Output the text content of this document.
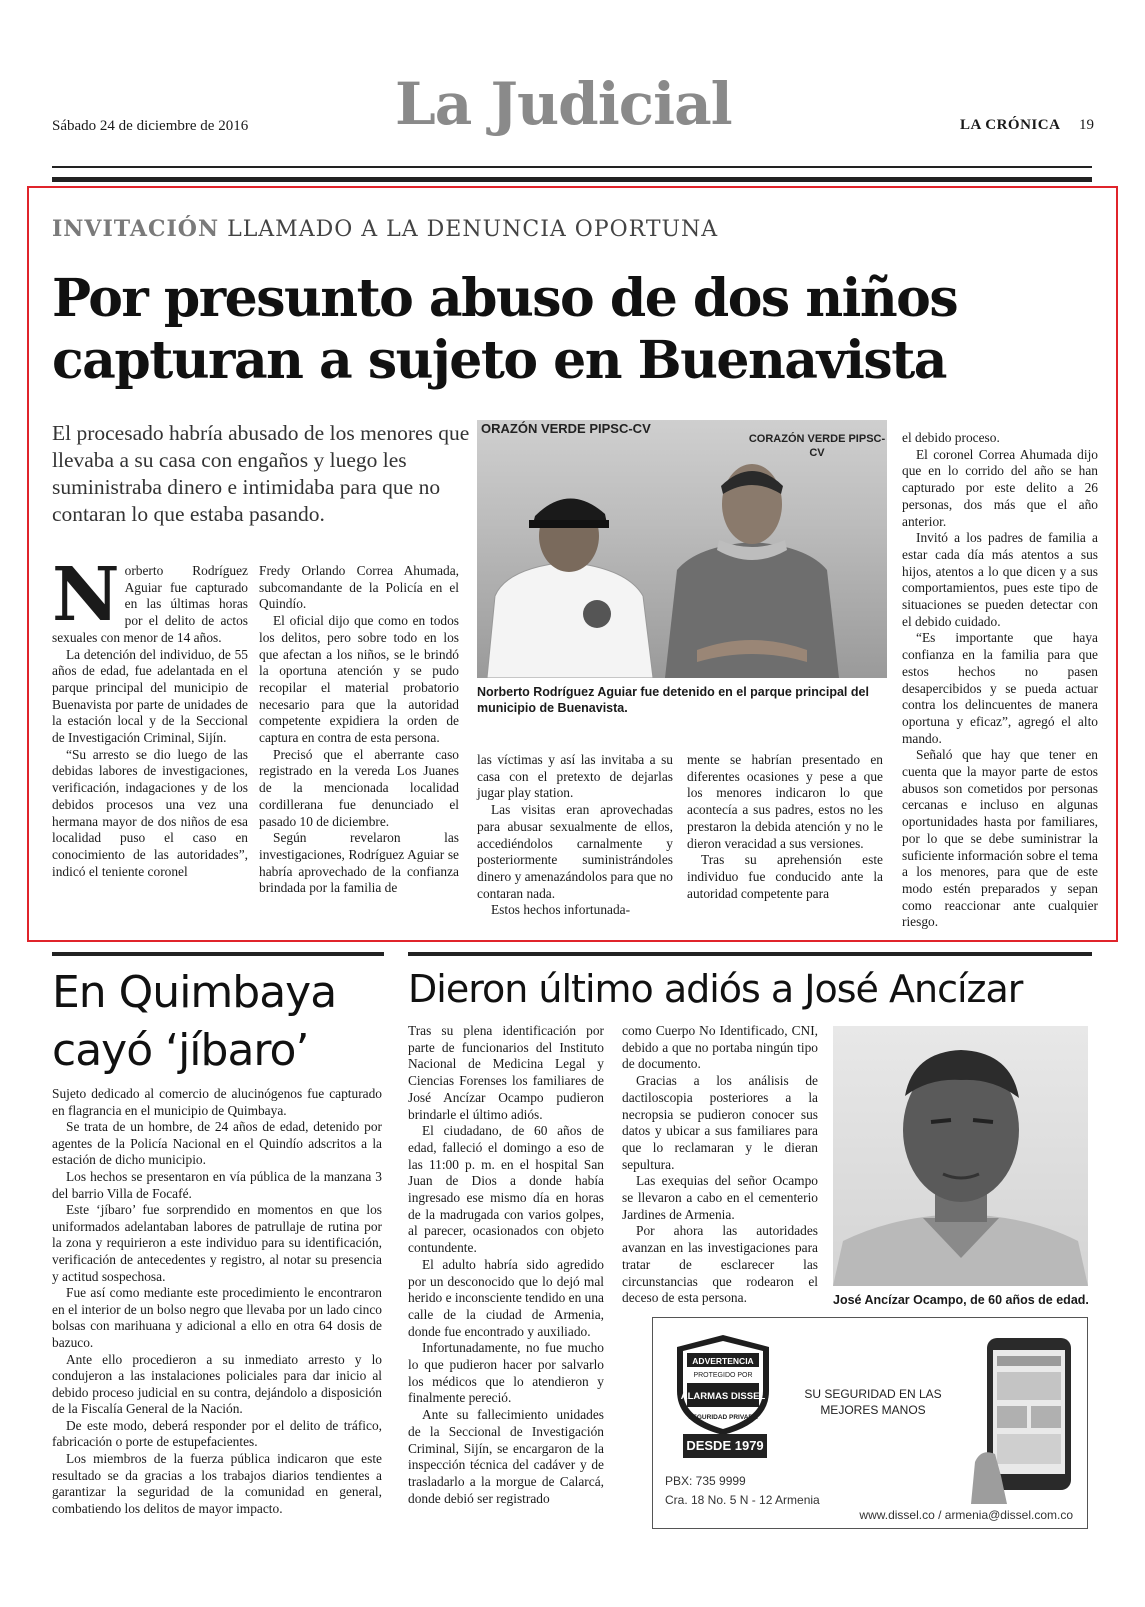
Sábado 24 de diciembre de 2016	La Judicial	LA CRÓNICA 19
INVITACIÓN LLAMADO A LA DENUNCIA OPORTUNA
Por presunto abuso de dos niños
capturan a sujeto en Buenavista
El procesado habría abusado de los menores que llevaba a su casa con engaños y luego les suministraba dinero e intimidaba para que no contaran lo que estaba pasando.

Norberto Rodríguez Aguiar fue capturado en las últimas horas por el delito de actos sexuales con menor de 14 años.

La detención del individuo, de 55 años de edad, fue adelantada en el parque principal del municipio de Buenavista por parte de unidades de la estación local y de la Seccional de Investigación Criminal, Sijín.

“Su arresto se dio luego de las debidas labores de investigaciones, verificación, indagaciones y de los debidos procesos una vez una hermana mayor de dos niños de esa localidad puso el caso en conocimiento de las autoridades”, indicó el teniente coronel

Fredy Orlando Correa Ahumada, subcomandante de la Policía en el Quindío.

El oficial dijo que como en todos los delitos, pero sobre todo en los que afectan a los niños, se le brindó la oportuna atención y se pudo recopilar el material probatorio necesario para que la autoridad competente expidiera la orden de captura en contra de esta persona.

Precisó que el aberrante caso registrado en la vereda Los Juanes de la mencionada localidad cordillerana fue denunciado el pasado 10 de diciembre.

Según revelaron las investigaciones, Rodríguez Aguiar se habría aprovechado de la confianza brindada por la familia de

ORAZÓN VERDE PIPSC-CV
CORAZÓN VERDE PIPSC-CV
Norberto Rodríguez Aguiar fue detenido en el parque principal del municipio de Buenavista.

las víctimas y así las invitaba a su casa con el pretexto de dejarlas jugar play station.

Las visitas eran aprovechadas para abusar sexualmente de ellos, accediéndolos carnalmente y posteriormente suministrándoles dinero y amenazándolos para que no contaran nada.

Estos hechos infortunada-

mente se habrían presentado en diferentes ocasiones y pese a que los menores indicaron lo que acontecía a sus padres, estos no les prestaron la debida atención y no le dieron veracidad a sus versiones.

Tras su aprehensión este individuo fue conducido ante la autoridad competente para

el debido proceso.

El coronel Correa Ahumada dijo que en lo corrido del año se han capturado por este delito a 26 personas, dos más que el año anterior.

Invitó a los padres de familia a estar cada día más atentos a sus hijos, atentos a lo que dicen y a sus comportamientos, pues este tipo de situaciones se pueden detectar con el debido cuidado.

“Es importante que haya confianza en la familia para que estos hechos no pasen desapercibidos y se pueda actuar contra los delincuentes de manera oportuna y eficaz”, agregó el alto mando.

Señaló que hay que tener en cuenta que la mayor parte de estos abusos son cometidos por personas cercanas e incluso en algunas oportunidades hasta por familiares, por lo que se debe suministrar la suficiente información sobre el tema a los menores, para que de este modo estén preparados y sepan como reaccionar ante cualquier riesgo.

En Quimbaya cayó ‘jíbaro’

Sujeto dedicado al comercio de alucinógenos fue capturado en flagrancia en el municipio de Quimbaya.

Se trata de un hombre, de 24 años de edad, detenido por agentes de la Policía Nacional en el Quindío adscritos a la estación de dicho municipio.

Los hechos se presentaron en vía pública de la manzana 3 del barrio Villa de Focafé.

Este ‘jíbaro’ fue sorprendido en momentos en que los uniformados adelantaban labores de patrullaje de rutina por la zona y requirieron a este individuo para su identificación, verificación de antecedentes y registro, al notar su presencia y actitud sospechosa.

Fue así como mediante este procedimiento le encontraron en el interior de un bolso negro que llevaba por un lado cinco bolsas con marihuana y adicional a ello en otra 64 dosis de bazuco.

Ante ello procedieron a su inmediato arresto y lo condujeron a las instalaciones policiales para dar inicio al debido proceso judicial en su contra, dejándolo a disposición de la Fiscalía General de la Nación.

De este modo, deberá responder por el delito de tráfico, fabricación o porte de estupefacientes.

Los miembros de la fuerza pública indicaron que este resultado se da gracias a los trabajos diarios tendientes a garantizar la seguridad de la comunidad en general, combatiendo los delitos de mayor impacto.

Dieron último adiós a José Ancízar

Tras su plena identificación por parte de funcionarios del Instituto Nacional de Medicina Legal y Ciencias Forenses los familiares de José Ancízar Ocampo pudieron brindarle el último adiós.

El ciudadano, de 60 años de edad, falleció el domingo a eso de las 11:00 p. m. en el hospital San Juan de Dios a donde había ingresado ese mismo día en horas de la madrugada con varios golpes, al parecer, ocasionados con objeto contundente.

El adulto habría sido agredido por un desconocido que lo dejó mal herido e inconsciente tendido en una calle de la ciudad de Armenia, donde fue encontrado y auxiliado.

Infortunadamente, no fue mucho lo que pudieron hacer por salvarlo los médicos que lo atendieron y finalmente pereció.

Ante su fallecimiento unidades de la Seccional de Investigación Criminal, Sijín, se encargaron de la inspección técnica del cadáver y de trasladarlo a la morgue de Calarcá, donde debió ser registrado

como Cuerpo No Identificado, CNI, debido a que no portaba ningún tipo de documento.

Gracias a los análisis de dactiloscopia posteriores a la necropsia se pudieron conocer sus datos y ubicar a sus familiares para que lo reclamaran y le dieran sepultura.

Las exequias del señor Ocampo se llevaron a cabo en el cementerio Jardines de Armenia.

Por ahora las autoridades avanzan en las investigaciones para tratar de esclarecer las circunstancias que rodearon el deceso de esta persona.	José Ancízar Ocampo, de 60 años de edad.
ADVERTENCIA
PROTEGIDO POR
ALARMAS DISSEL
SEGURIDAD PRIVADA
DESDE 1979
SU SEGURIDAD EN LAS MEJORES MANOS
PBX: 735 9999
Cra. 18 No. 5 N - 12 Armenia
www.dissel.co / armenia@dissel.com.co
